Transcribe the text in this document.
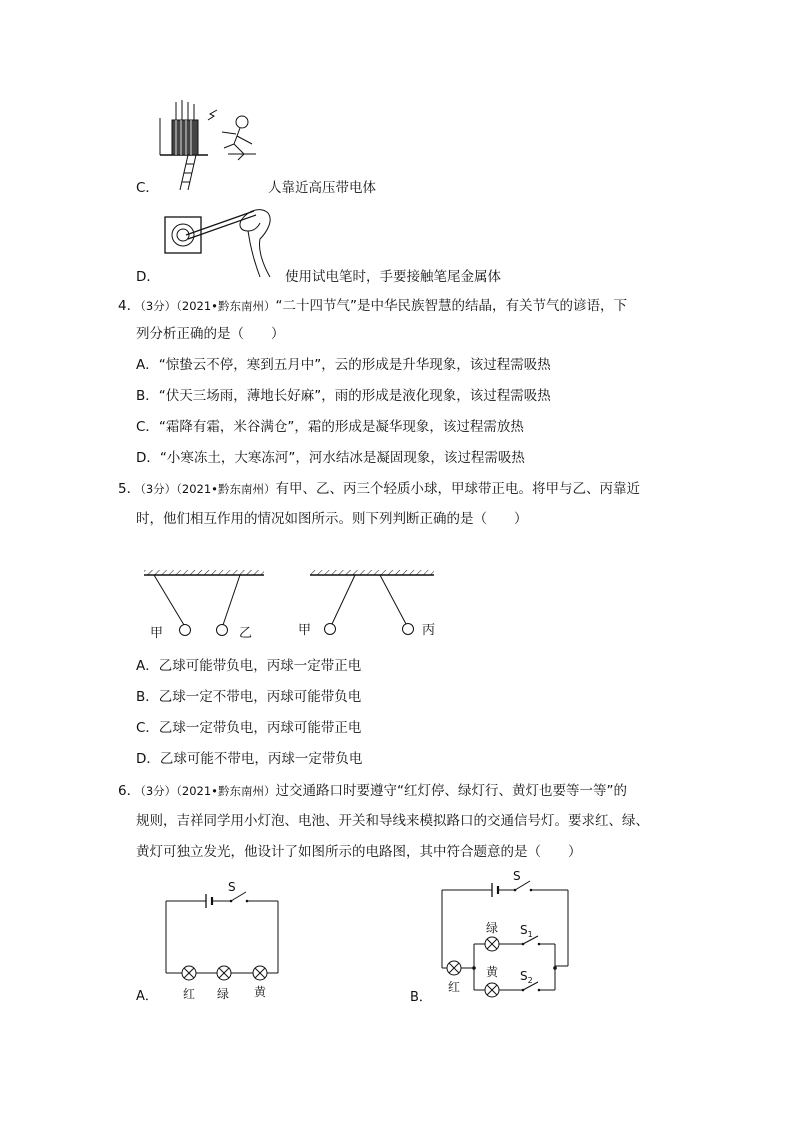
C．	人靠近高压带电体
D．	使用试电笔时，手要接触笔尾金属体
4．（3分）（2021•黔东南州）“二十四节气”是中华民族智慧的结晶，有关节气的谚语，下
列分析正确的是（　　）
A．“惊蛰云不停，寒到五月中”，云的形成是升华现象，该过程需吸热
B．“伏天三场雨，薄地长好麻”，雨的形成是液化现象，该过程需吸热
C．“霜降有霜，米谷满仓”，霜的形成是凝华现象，该过程需放热
D．“小寒冻土，大寒冻河”，河水结冰是凝固现象，该过程需吸热
5．（3分）（2021•黔东南州）有甲、乙、丙三个轻质小球，甲球带正电。将甲与乙、丙靠近
时，他们相互作用的情况如图所示。则下列判断正确的是（　　）
甲	乙	甲	丙
A．乙球可能带负电，丙球一定带正电
B．乙球一定不带电，丙球可能带负电
C．乙球一定带负电，丙球可能带正电
D．乙球可能不带电，丙球一定带负电
6．（3分）（2021•黔东南州）过交通路口时要遵守“红灯停、绿灯行、黄灯也要等一等”的
规则，吉祥同学用小灯泡、电池、开关和导线来模拟路口的交通信号灯。要求红、绿、
黄灯可独立发光，他设计了如图所示的电路图，其中符合题意的是（　　）
A．
S
红 绿 黄	B．
S
红
绿 $S_1$
黄 $S_2$
